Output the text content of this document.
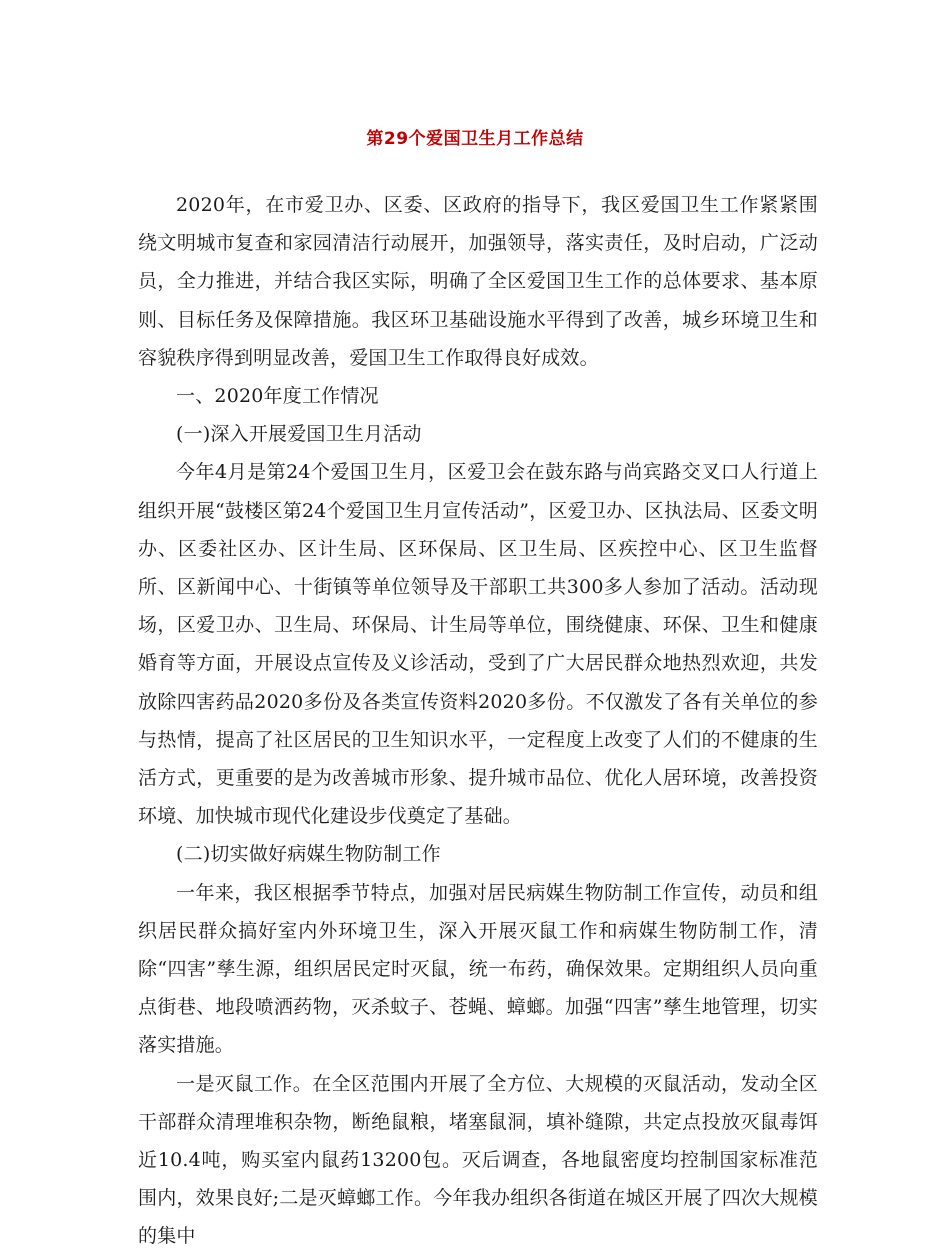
第29个爱国卫生月工作总结

2020年，在市爱卫办、区委、区政府的指导下，我区爱国卫生工作紧紧围绕文明城市复查和家园清洁行动展开，加强领导，落实责任，及时启动，广泛动员，全力推进，并结合我区实际，明确了全区爱国卫生工作的总体要求、基本原则、目标任务及保障措施。我区环卫基础设施水平得到了改善，城乡环境卫生和容貌秩序得到明显改善，爱国卫生工作取得良好成效。

一、2020年度工作情况

(一)深入开展爱国卫生月活动

今年4月是第24个爱国卫生月，区爱卫会在鼓东路与尚宾路交叉口人行道上组织开展“鼓楼区第24个爱国卫生月宣传活动”，区爱卫办、区执法局、区委文明办、区委社区办、区计生局、区环保局、区卫生局、区疾控中心、区卫生监督所、区新闻中心、十街镇等单位领导及干部职工共300多人参加了活动。活动现场，区爱卫办、卫生局、环保局、计生局等单位，围绕健康、环保、卫生和健康婚育等方面，开展设点宣传及义诊活动，受到了广大居民群众地热烈欢迎，共发放除四害药品2020多份及各类宣传资料2020多份。不仅激发了各有关单位的参与热情，提高了社区居民的卫生知识水平，一定程度上改变了人们的不健康的生活方式，更重要的是为改善城市形象、提升城市品位、优化人居环境，改善投资环境、加快城市现代化建设步伐奠定了基础。

(二)切实做好病媒生物防制工作

一年来，我区根据季节特点，加强对居民病媒生物防制工作宣传，动员和组织居民群众搞好室内外环境卫生，深入开展灭鼠工作和病媒生物防制工作，清除“四害”孳生源，组织居民定时灭鼠，统一布药，确保效果。定期组织人员向重点街巷、地段喷洒药物，灭杀蚊子、苍蝇、蟑螂。加强“四害”孳生地管理，切实落实措施。

一是灭鼠工作。在全区范围内开展了全方位、大规模的灭鼠活动，发动全区干部群众清理堆积杂物，断绝鼠粮，堵塞鼠洞，填补缝隙，共定点投放灭鼠毒饵近10.4吨，购买室内鼠药13200包。灭后调查，各地鼠密度均控制国家标准范围内，效果良好;二是灭蟑螂工作。今年我办组织各街道在城区开展了四次大规模的集中
